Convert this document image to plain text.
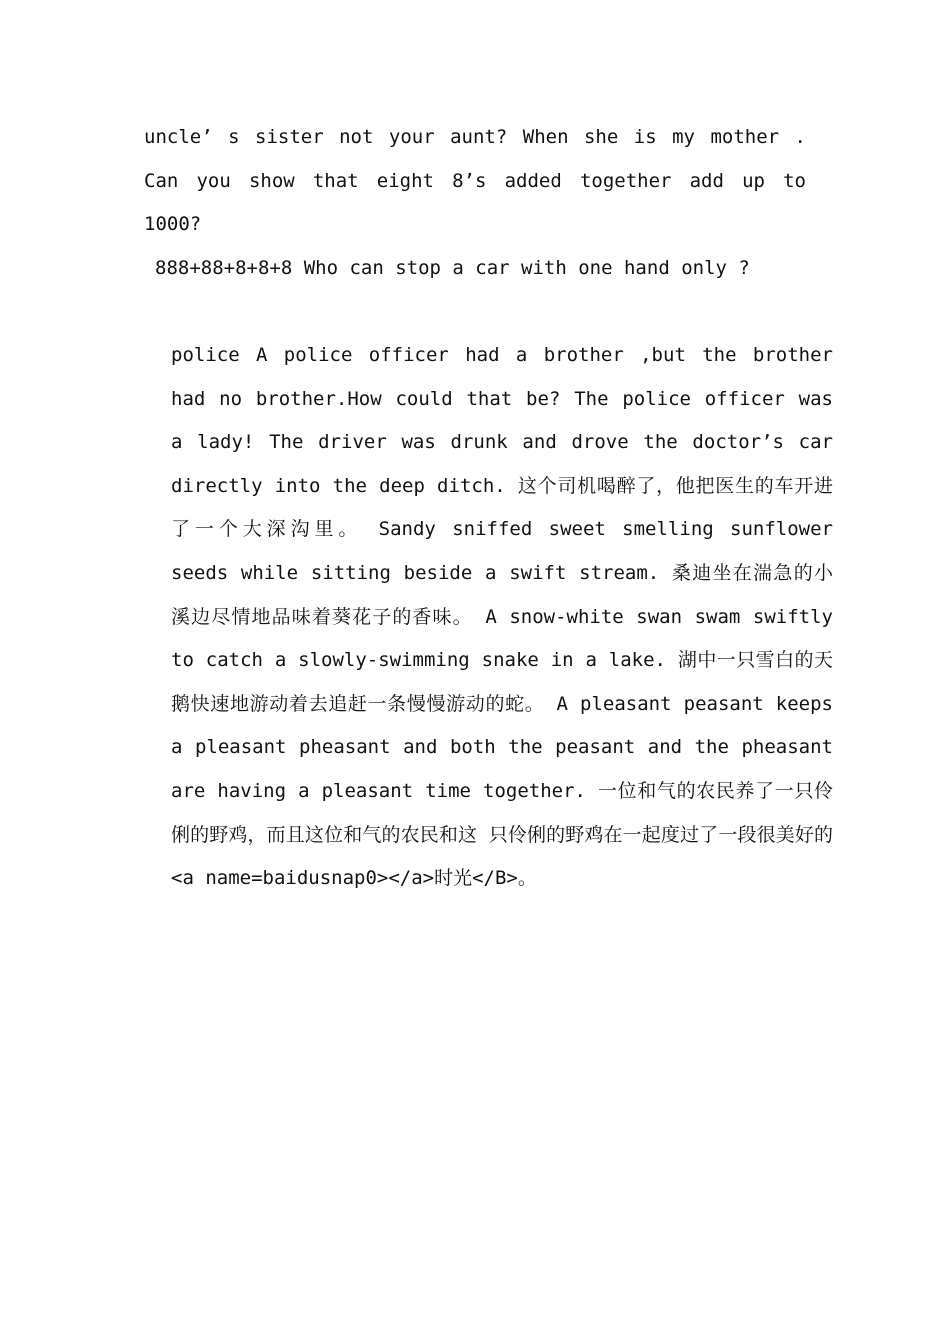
uncle’ s sister not your aunt? When she is my mother . Can you show that eight 8’s added together add up to 1000?
888+88+8+8+8 Who can stop a car with one hand only ?
police A police officer had a brother ,but the brother had no brother.How could that be? The police officer was a lady! The driver was drunk and drove the doctor’s car directly into the deep ditch. 这个司机喝醉了，他把医生的车开进了一个大深沟里。 Sandy sniffed sweet smelling sunflower seeds while sitting beside a swift stream. 桑迪坐在湍急的小溪边尽情地品味着葵花子的香味。 A snow-white swan swam swiftly to catch a slowly-swimming snake in a lake. 湖中一只雪白的天鹅快速地游动着去追赶一条慢慢游动的蛇。 A pleasant peasant keeps a pleasant pheasant and both the peasant and the pheasant are having a pleasant time together. 一位和气的农民养了一只伶俐的野鸡，而且这位和气的农民和这 只伶俐的野鸡在一起度过了一段很美好的<a name=baidusnap0></a>时光</B>。
